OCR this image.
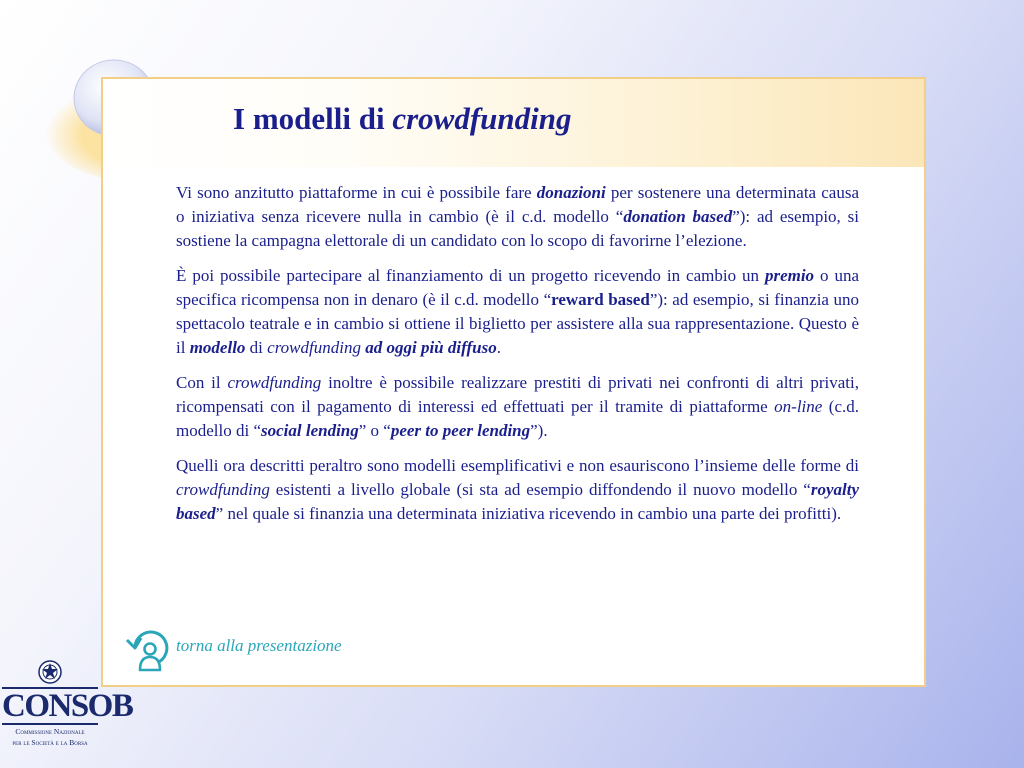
I modelli di crowdfunding

Vi sono anzitutto piattaforme in cui è possibile fare donazioni per sostenere una determinata causa o iniziativa senza ricevere nulla in cambio (è il c.d. modello “donation based”): ad esempio, si sostiene la campagna elettorale di un candidato con lo scopo di favorirne l’elezione.

È poi possibile partecipare al finanziamento di un progetto ricevendo in cambio un premio o una specifica ricompensa non in denaro (è il c.d. modello “reward based”): ad esempio, si finanzia uno spettacolo teatrale e in cambio si ottiene il biglietto per assistere alla sua rappresentazione. Questo è il modello di crowdfunding ad oggi più diffuso.

Con il crowdfunding inoltre è possibile realizzare prestiti di privati nei confronti di altri privati, ricompensati con il pagamento di interessi ed effettuati per il tramite di piattaforme on-line (c.d. modello di “social lending” o “peer to peer lending”).

Quelli ora descritti peraltro sono modelli esemplificativi e non esauriscono l’insieme delle forme di crowdfunding esistenti a livello globale (si sta ad esempio diffondendo il nuovo modello “royalty based” nel quale si finanzia una determinata iniziativa ricevendo in cambio una parte dei profitti).

torna alla presentazione
CONSOB
Commissione Nazionale
per le Società e la Borsa
